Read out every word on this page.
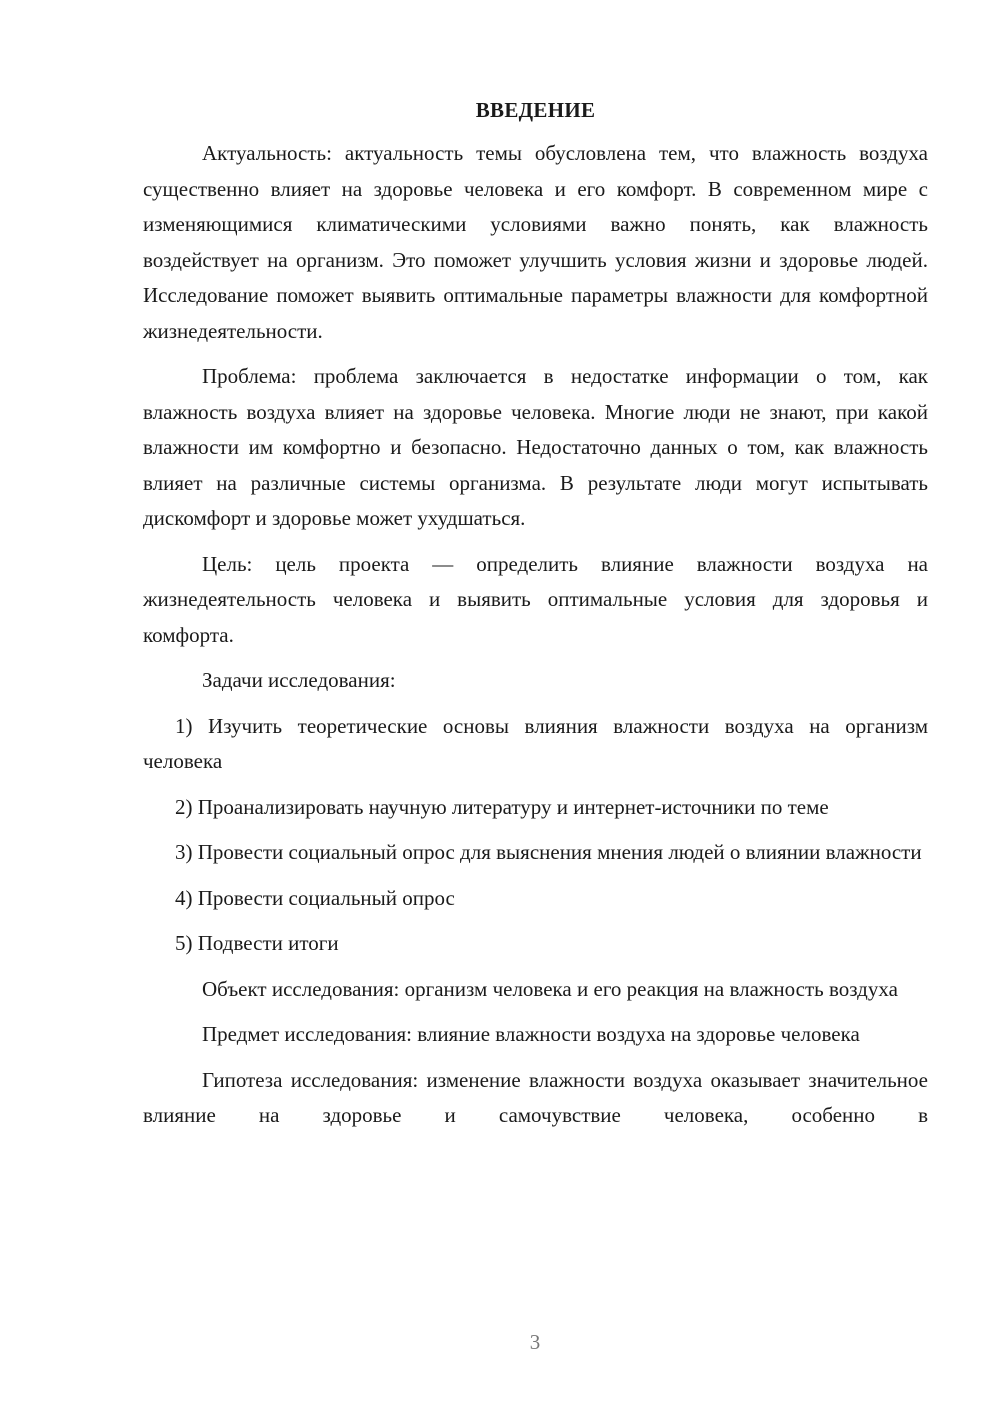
ВВЕДЕНИЕ

Актуальность: актуальность темы обусловлена тем, что влажность воздуха существенно влияет на здоровье человека и его комфорт. В современном мире с изменяющимися климатическими условиями важно понять, как влажность воздействует на организм. Это поможет улучшить условия жизни и здоровье людей. Исследование поможет выявить оптимальные параметры влажности для комфортной жизнедеятельности.

Проблема: проблема заключается в недостатке информации о том, как влажность воздуха влияет на здоровье человека. Многие люди не знают, при какой влажности им комфортно и безопасно. Недостаточно данных о том, как влажность влияет на различные системы организма. В результате люди могут испытывать дискомфорт и здоровье может ухудшаться.

Цель: цель проекта — определить влияние влажности воздуха на жизнедеятельность человека и выявить оптимальные условия для здоровья и комфорта.

Задачи исследования:

1) Изучить теоретические основы влияния влажности воздуха на организм человека

2) Проанализировать научную литературу и интернет-источники по теме

3) Провести социальный опрос для выяснения мнения людей о влиянии влажности

4) Провести социальный опрос

5) Подвести итоги

Объект исследования: организм человека и его реакция на влажность воздуха

Предмет исследования: влияние влажности воздуха на здоровье человека

Гипотеза исследования: изменение влажности воздуха оказывает значительное влияние на здоровье и самочувствие человека, особенно в

3
